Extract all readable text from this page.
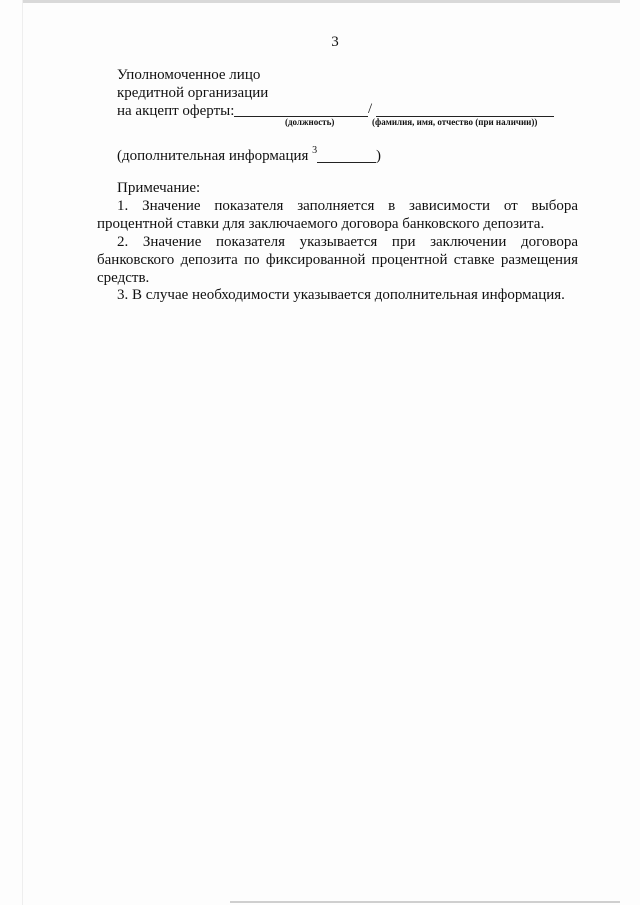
3
Уполномоченное лицо
кредитной организации
на акцепт оферты:	/
(должность)	(фамилия, имя, отчество (при наличии))
(дополнительная информация $^3$	)
Примечание:
1. Значение показателя заполняется в зависимости от выбора
процентной ставки для заключаемого договора банковского депозита.
2. Значение показателя указывается при заключении договора
банковского депозита по фиксированной процентной ставке размещения
средств.
3. В случае необходимости указывается дополнительная информация.
